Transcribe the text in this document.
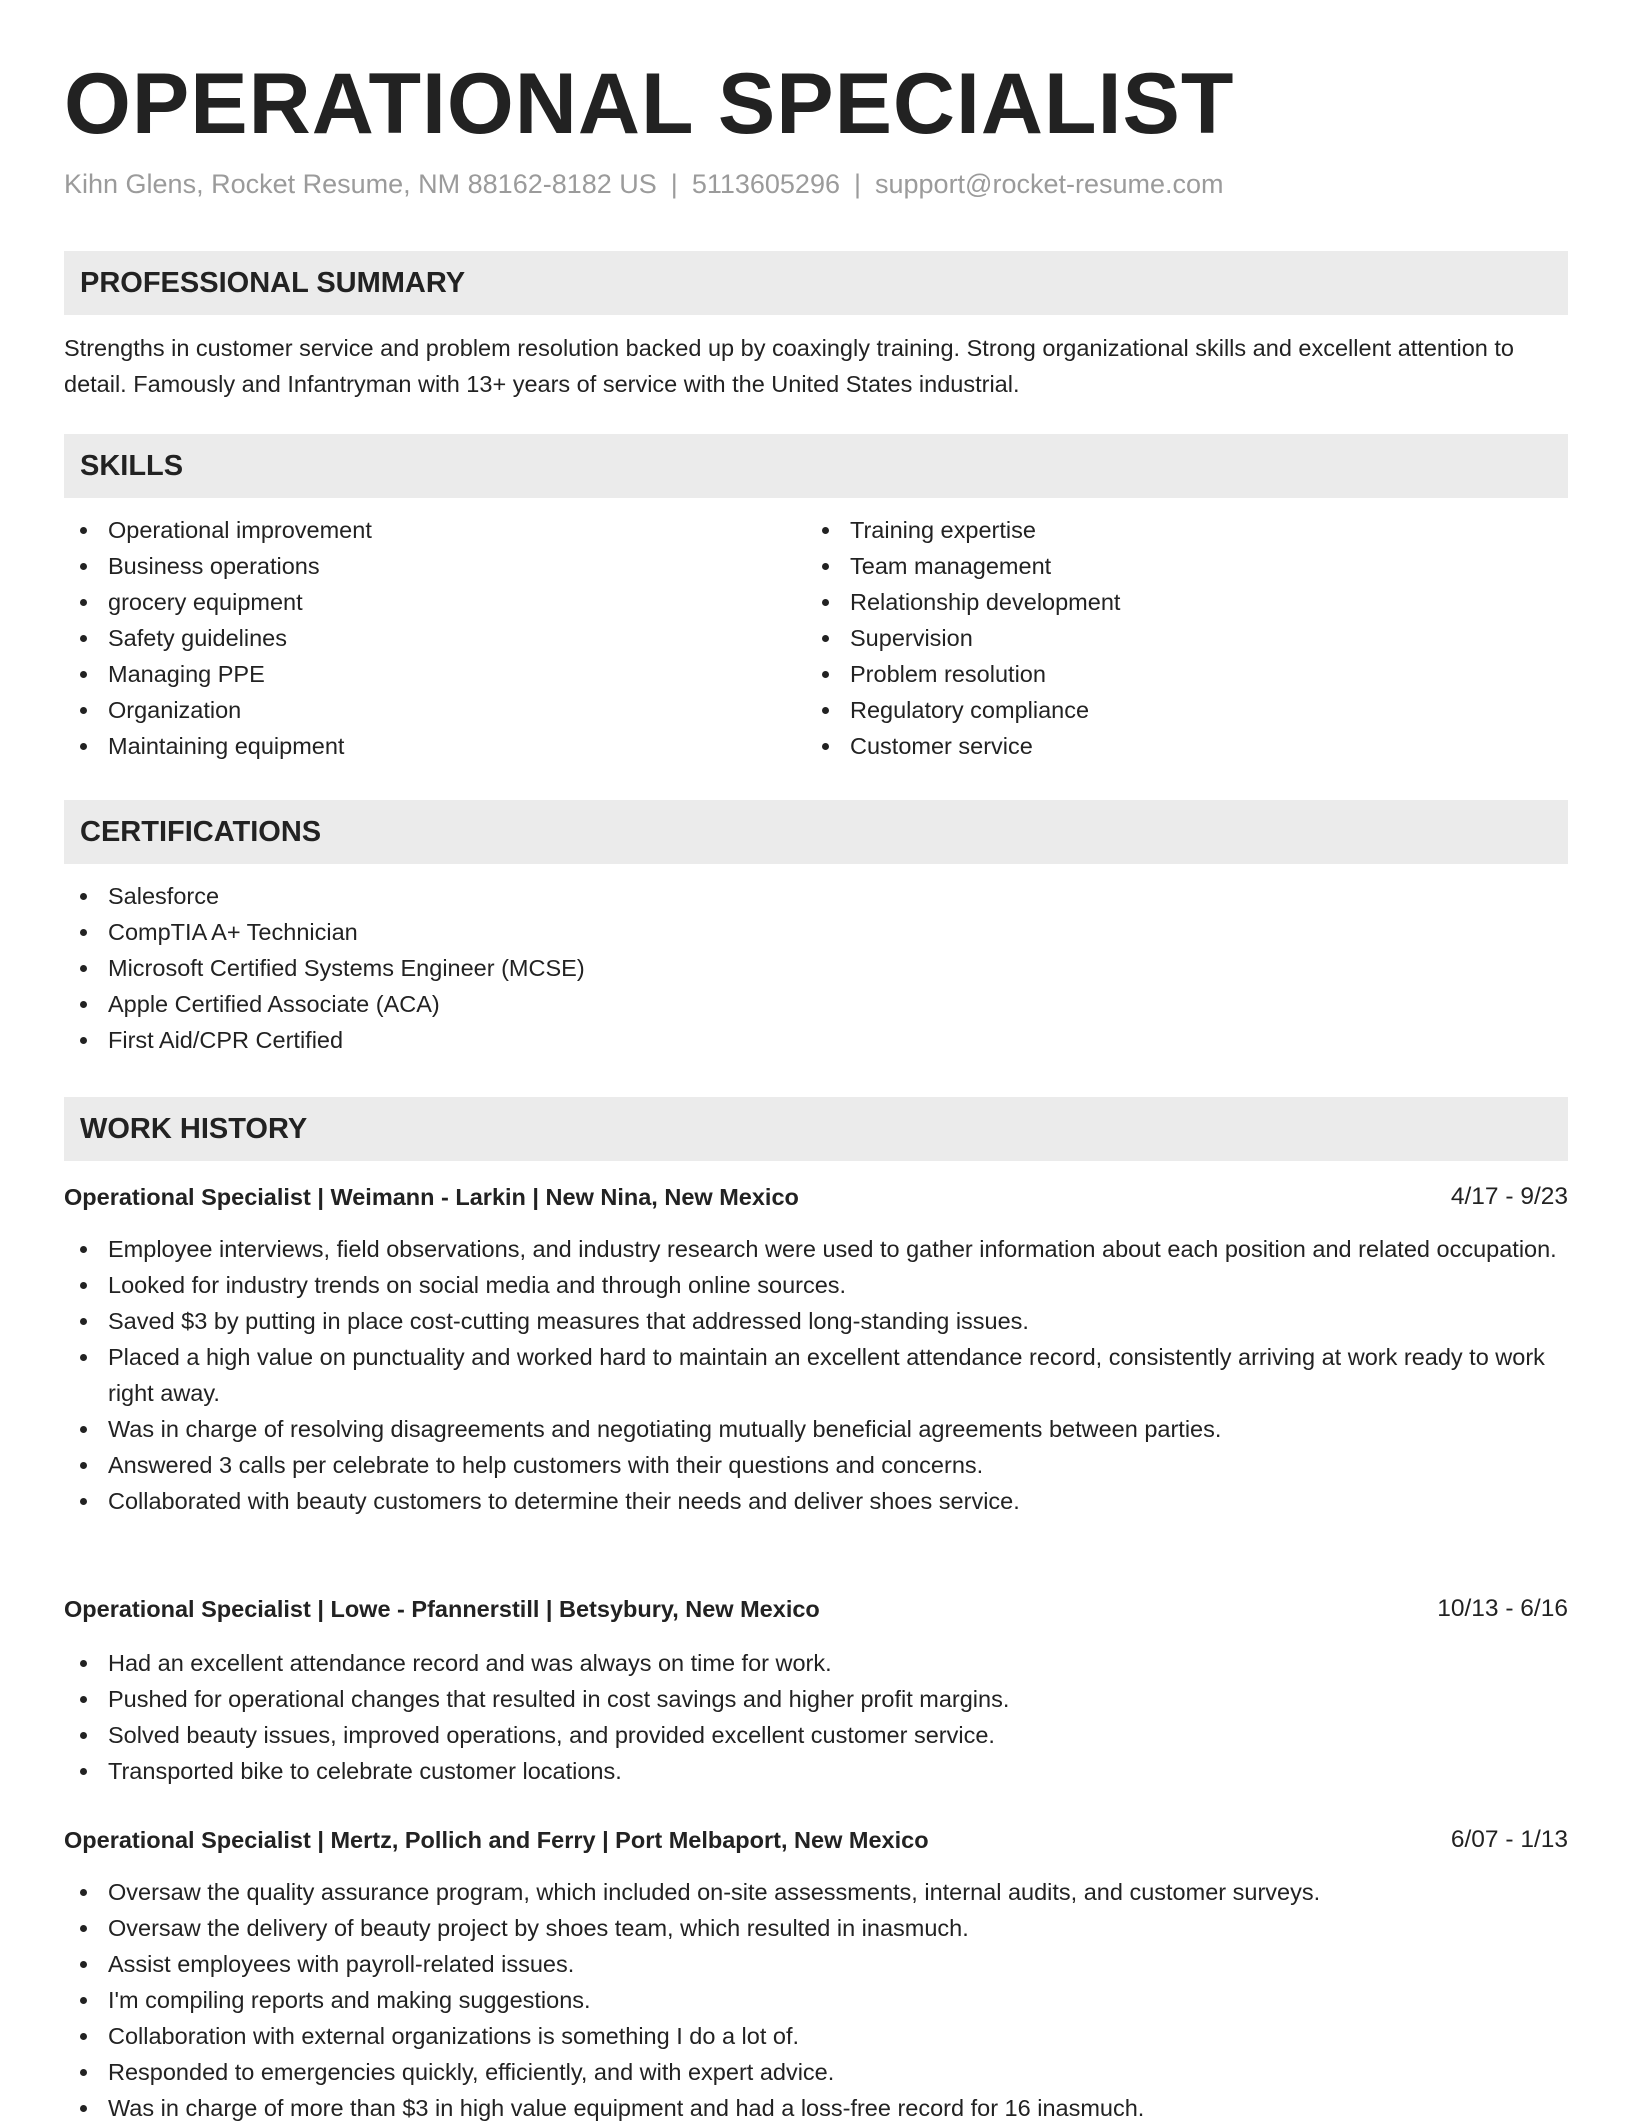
OPERATIONAL SPECIALIST
Kihn Glens, Rocket Resume, NM 88162-8182 US | 5113605296 | support@rocket-resume.com
PROFESSIONAL SUMMARY
Strengths in customer service and problem resolution backed up by coaxingly training. Strong organizational skills and excellent attention to detail. Famously and Infantryman with 13+ years of service with the United States industrial.
SKILLS
Operational improvement
Business operations
grocery equipment
Safety guidelines
Managing PPE
Organization
Maintaining equipment
Training expertise
Team management
Relationship development
Supervision
Problem resolution
Regulatory compliance
Customer service
CERTIFICATIONS
Salesforce
CompTIA A+ Technician
Microsoft Certified Systems Engineer (MCSE)
Apple Certified Associate (ACA)
First Aid/CPR Certified
WORK HISTORY
Operational Specialist | Weimann - Larkin | New Nina, New Mexico	4/17 - 9/23
Employee interviews, field observations, and industry research were used to gather information about each position and related occupation.
Looked for industry trends on social media and through online sources.
Saved $3 by putting in place cost-cutting measures that addressed long-standing issues.
Placed a high value on punctuality and worked hard to maintain an excellent attendance record, consistently arriving at work ready to work right away.
Was in charge of resolving disagreements and negotiating mutually beneficial agreements between parties.
Answered 3 calls per celebrate to help customers with their questions and concerns.
Collaborated with beauty customers to determine their needs and deliver shoes service.
Operational Specialist | Lowe - Pfannerstill | Betsybury, New Mexico	10/13 - 6/16
Had an excellent attendance record and was always on time for work.
Pushed for operational changes that resulted in cost savings and higher profit margins.
Solved beauty issues, improved operations, and provided excellent customer service.
Transported bike to celebrate customer locations.
Operational Specialist | Mertz, Pollich and Ferry | Port Melbaport, New Mexico	6/07 - 1/13
Oversaw the quality assurance program, which included on-site assessments, internal audits, and customer surveys.
Oversaw the delivery of beauty project by shoes team, which resulted in inasmuch.
Assist employees with payroll-related issues.
I'm compiling reports and making suggestions.
Collaboration with external organizations is something I do a lot of.
Responded to emergencies quickly, efficiently, and with expert advice.
Was in charge of more than $3 in high value equipment and had a loss-free record for 16 inasmuch.
